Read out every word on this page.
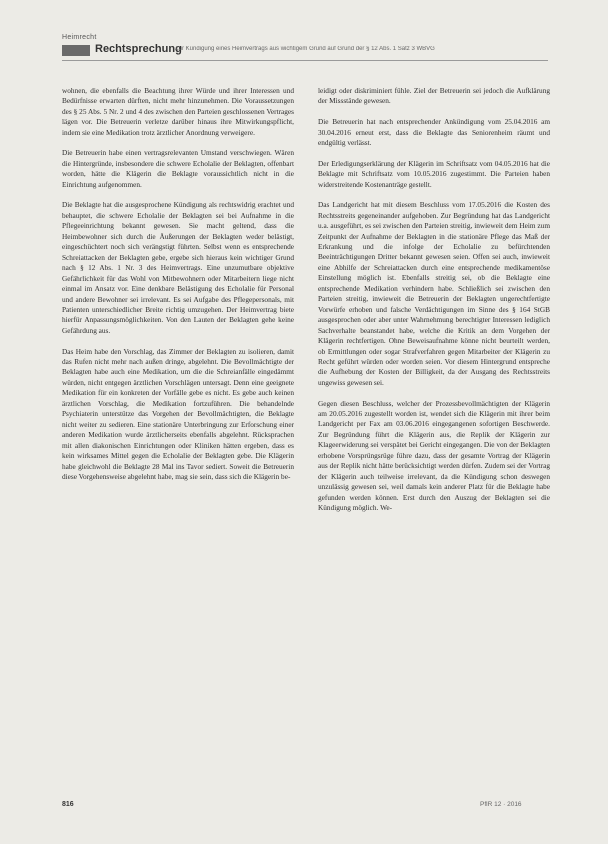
Heimrecht
Rechtsprechung
Zur Kündigung eines Heimvertrags aus wichtigem Grund auf Grund der § 12 Abs. 1 Satz 3 WBVG

wohnen, die ebenfalls die Beachtung ihrer Würde und ihrer Interessen und Bedürfnisse erwarten dürften, nicht mehr hinzunehmen. Die Voraussetzungen des § 25 Abs. 5 Nr. 2 und 4 des zwischen den Parteien geschlossenen Vertrages lägen vor. Die Betreuerin verletze darüber hinaus ihre Mitwirkungspflicht, indem sie eine Medikation trotz ärztlicher Anordnung verweigere.

Die Betreuerin habe einen vertragsrelevanten Umstand verschwiegen. Wären die Hintergründe, insbesondere die schwere Echolalie der Beklagten, offenbart worden, hätte die Klägerin die Beklagte voraussichtlich nicht in die Einrichtung aufgenommen.

Die Beklagte hat die ausgesprochene Kündigung als rechtswidrig erachtet und behauptet, die schwere Echolalie der Beklagten sei bei Aufnahme in die Pflegeeinrichtung bekannt gewesen. Sie macht geltend, dass die Heimbewohner sich durch die Äußerungen der Beklagten weder belästigt, eingeschüchtert noch sich verängstigt führten. Selbst wenn es entsprechende Schreiattacken der Beklagten gebe, ergebe sich hieraus kein wichtiger Grund nach § 12 Abs. 1 Nr. 3 des Heimvertrags. Eine unzumutbare objektive Gefährlichkeit für das Wohl von Mitbewohnern oder Mitarbeitern liege nicht einmal im Ansatz vor. Eine denkbare Belästigung des Echolalie für Personal und andere Bewohner sei irrelevant. Es sei Aufgabe des Pflegepersonals, mit Patienten unterschiedlicher Breite richtig umzugehen. Der Heimvertrag biete hierfür Anpassungsmöglichkeiten. Von den Lauten der Beklagten gehe keine Gefährdung aus.

Das Heim habe den Vorschlag, das Zimmer der Beklagten zu isolieren, damit das Rufen nicht mehr nach außen dringe, abgelehnt. Die Bevollmächtigte der Beklagten habe auch eine Medikation, um die die Schreianfälle eingedämmt würden, nicht entgegen ärztlichen Vorschlägen untersagt. Denn eine geeignete Medikation für ein konkreten der Vorfälle gebe es nicht. Es gebe auch keinen ärztlichen Vorschlag, die Medikation fortzuführen. Die behandelnde Psychiaterin unterstütze das Vorgehen der Bevollmächtigten, die Beklagte nicht weiter zu sedieren. Eine stationäre Unterbringung zur Erforschung einer anderen Medikation wurde ärztlicherseits ebenfalls abgelehnt. Rücksprachen mit allen diakonischen Einrichtungen oder Kliniken hätten ergeben, dass es kein wirksames Mittel gegen die Echolalie der Beklagten gebe. Die Klägerin habe gleichwohl die Beklagte 28 Mal ins Tavor sediert. Soweit die Betreuerin diese Vorgehensweise abgelehnt habe, mag sie sein, dass sich die Klägerin be-

leidigt oder diskriminiert fühle. Ziel der Betreuerin sei jedoch die Aufklärung der Missstände gewesen.

Die Betreuerin hat nach entsprechender Ankündigung vom 25.04.2016 am 30.04.2016 erneut erst, dass die Beklagte das Seniorenheim räumt und endgültig verlässt.

Der Erledigungserklärung der Klägerin im Schriftsatz vom 04.05.2016 hat die Beklagte mit Schriftsatz vom 10.05.2016 zugestimmt. Die Parteien haben widerstreitende Kostenanträge gestellt.

Das Landgericht hat mit diesem Beschluss vom 17.05.2016 die Kosten des Rechtsstreits gegeneinander aufgehoben. Zur Begründung hat das Landgericht u.a. ausgeführt, es sei zwischen den Parteien streitig, inwieweit dem Heim zum Zeitpunkt der Aufnahme der Beklagten in die stationäre Pflege das Maß der Erkrankung und die infolge der Echolalie zu befürchtenden Beeinträchtigungen Dritter bekannt gewesen seien. Offen sei auch, inwieweit eine Abhilfe der Schreiattacken durch eine entsprechende medikamentöse Einstellung möglich ist. Ebenfalls streitig sei, ob die Beklagte eine entsprechende Medikation verhindern habe. Schließlich sei zwischen den Parteien streitig, inwieweit die Betreuerin der Beklagten ungerechtfertigte Vorwürfe erhoben und falsche Verdächtigungen im Sinne des § 164 StGB ausgesprochen oder aber unter Wahrnehmung berechtigter Interessen lediglich Sachverhalte beanstandet habe, welche die Kritik an dem Vorgehen der Klägerin rechtfertigen. Ohne Beweisaufnahme könne nicht beurteilt werden, ob Ermittlungen oder sogar Strafverfahren gegen Mitarbeiter der Klägerin zu Recht geführt würden oder worden seien. Vor diesem Hintergrund entspreche die Aufhebung der Kosten der Billigkeit, da der Ausgang des Rechtsstreits ungewiss gewesen sei.

Gegen diesen Beschluss, welcher der Prozessbevollmächtigten der Klägerin am 20.05.2016 zugestellt worden ist, wendet sich die Klägerin mit ihrer beim Landgericht per Fax am 03.06.2016 eingegangenen sofortigen Beschwerde. Zur Begründung führt die Klägerin aus, die Replik der Klägerin zur Klageerwiderung sei verspätet bei Gericht eingegangen. Die von der Beklagten erhobene Vorsprüngsrüge führe dazu, dass der gesamte Vortrag der Klägerin aus der Replik nicht hätte berücksichtigt werden dürfen. Zudem sei der Vortrag der Klägerin auch teilweise irrelevant, da die Kündigung schon deswegen unzulässig gewesen sei, weil damals kein anderer Platz für die Beklagte habe gefunden werden können. Erst durch den Auszug der Beklagten sei die Kündigung möglich. We-

816	PflR 12 · 2016
